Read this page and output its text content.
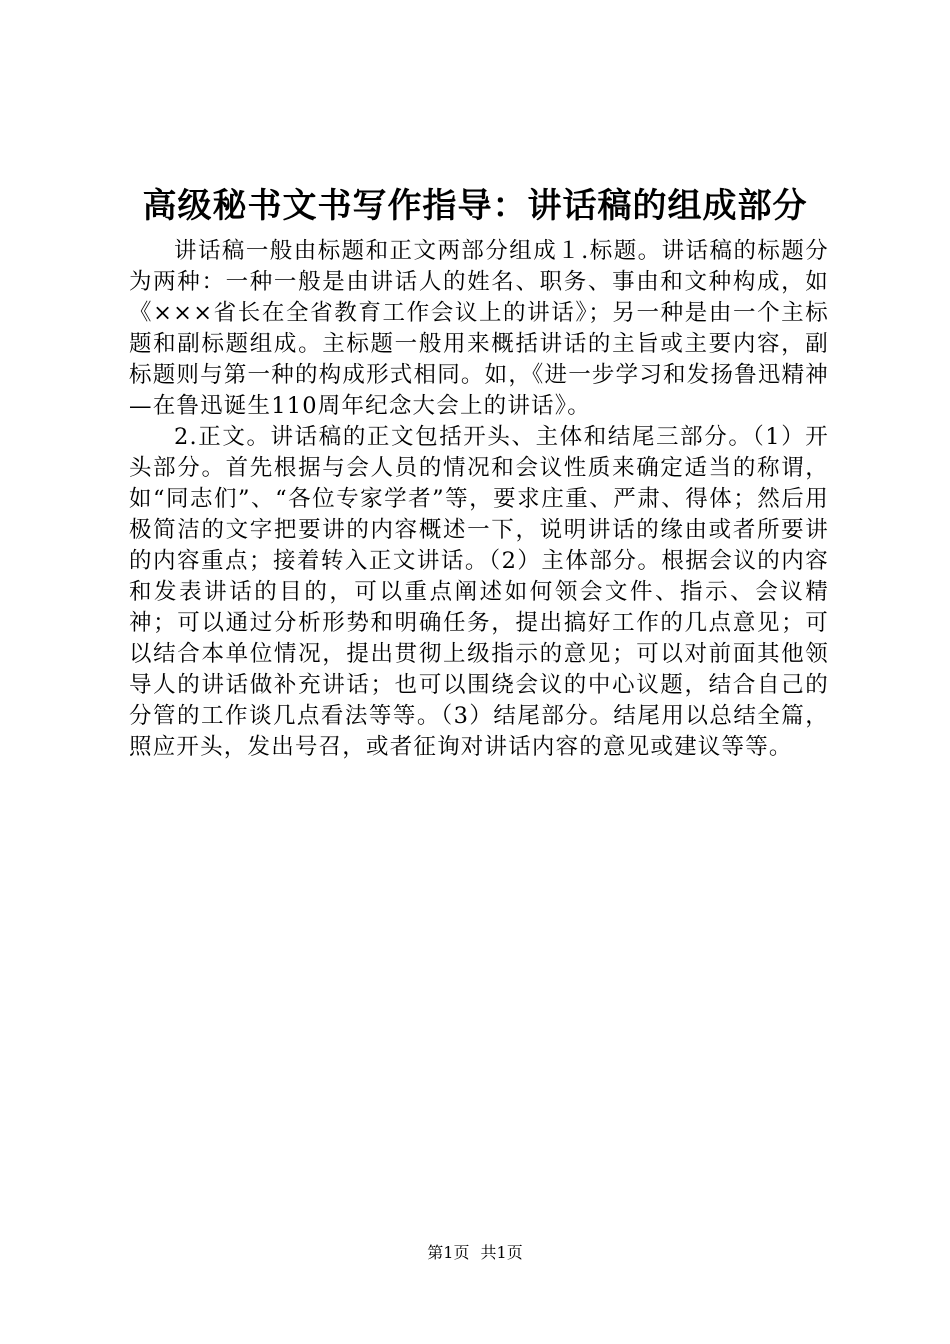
高级秘书文书写作指导：讲话稿的组成部分

讲话稿一般由标题和正文两部分组成１.标题。讲话稿的标题分为两种：一种一般是由讲话人的姓名、职务、事由和文种构成，如《×××省长在全省教育工作会议上的讲话》；另一种是由一个主标题和副标题组成。主标题一般用来概括讲话的主旨或主要内容，副标题则与第一种的构成形式相同。如，《进一步学习和发扬鲁迅精神—在鲁迅诞生110周年纪念大会上的讲话》。

2.正文。讲话稿的正文包括开头、主体和结尾三部分。（1）开头部分。首先根据与会人员的情况和会议性质来确定适当的称谓，如“同志们”、“各位专家学者”等，要求庄重、严肃、得体；然后用极简洁的文字把要讲的内容概述一下，说明讲话的缘由或者所要讲的内容重点；接着转入正文讲话。（2）主体部分。根据会议的内容和发表讲话的目的，可以重点阐述如何领会文件、指示、会议精神；可以通过分析形势和明确任务，提出搞好工作的几点意见；可以结合本单位情况，提出贯彻上级指示的意见；可以对前面其他领导人的讲话做补充讲话；也可以围绕会议的中心议题，结合自己的分管的工作谈几点看法等等。（3）结尾部分。结尾用以总结全篇，照应开头，发出号召，或者征询对讲话内容的意见或建议等等。

第1页 共1页
